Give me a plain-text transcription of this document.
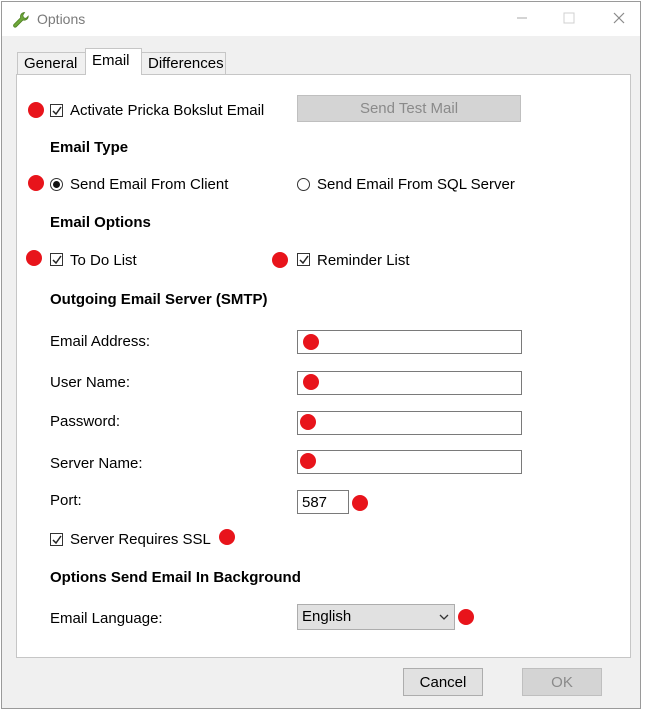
Options
General Email	Differences
Activate Pricka Bokslut Email	Send Test Mail
Email Type
Send Email From Client	Send Email From SQL Server
Email Options
To Do List	Reminder List
Outgoing Email Server (SMTP)
Email Address:
User Name:
Password:
Server Name:
Port:
587
Server Requires SSL
Options Send Email In Background
Email Language:	English
Cancel	OK
